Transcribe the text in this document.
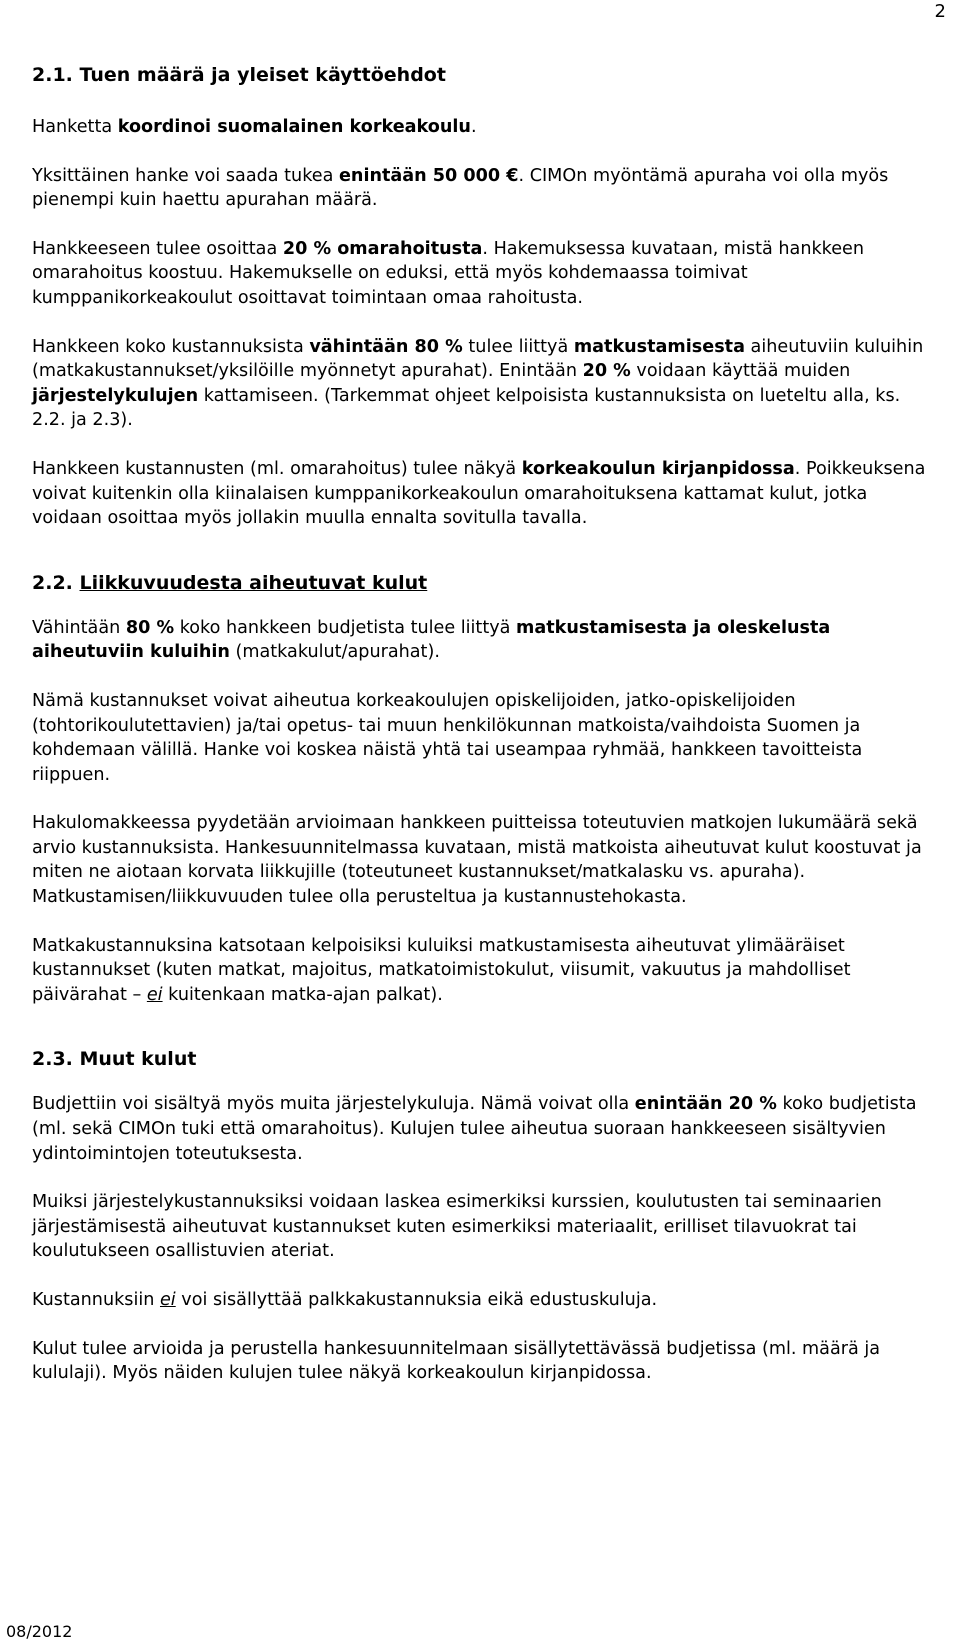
2
2.1. Tuen määrä ja yleiset käyttöehdot

Hanketta koordinoi suomalainen korkeakoulu.

Yksittäinen hanke voi saada tukea enintään 50 000 €. CIMOn myöntämä apuraha voi olla myös pienempi kuin haettu apurahan määrä.

Hankkeeseen tulee osoittaa 20 % omarahoitusta. Hakemuksessa kuvataan, mistä hankkeen omarahoitus koostuu. Hakemukselle on eduksi, että myös kohdemaassa toimivat kumppanikorkeakoulut osoittavat toimintaan omaa rahoitusta.

Hankkeen koko kustannuksista vähintään 80 % tulee liittyä matkustamisesta aiheutuviin kuluihin (matkakustannukset/yksilöille myönnetyt apurahat). Enintään 20 % voidaan käyttää muiden järjestelykulujen kattamiseen. (Tarkemmat ohjeet kelpoisista kustannuksista on lueteltu alla, ks. 2.2. ja 2.3).

Hankkeen kustannusten (ml. omarahoitus) tulee näkyä korkeakoulun kirjanpidossa. Poikkeuksena voivat kuitenkin olla kiinalaisen kumppanikorkeakoulun omarahoituksena kattamat kulut, jotka voidaan osoittaa myös jollakin muulla ennalta sovitulla tavalla.

2.2. Liikkuvuudesta aiheutuvat kulut

Vähintään 80 % koko hankkeen budjetista tulee liittyä matkustamisesta ja oleskelusta aiheutuviin kuluihin (matkakulut/apurahat).

Nämä kustannukset voivat aiheutua korkeakoulujen opiskelijoiden, jatko-opiskelijoiden (tohtorikoulutettavien) ja/tai opetus- tai muun henkilökunnan matkoista/vaihdoista Suomen ja kohdemaan välillä. Hanke voi koskea näistä yhtä tai useampaa ryhmää, hankkeen tavoitteista riippuen.

Hakulomakkeessa pyydetään arvioimaan hankkeen puitteissa toteutuvien matkojen lukumäärä sekä arvio kustannuksista. Hankesuunnitelmassa kuvataan, mistä matkoista aiheutuvat kulut koostuvat ja miten ne aiotaan korvata liikkujille (toteutuneet kustannukset/matkalasku vs. apuraha). Matkustamisen/liikkuvuuden tulee olla perusteltua ja kustannustehokasta.

Matkakustannuksina katsotaan kelpoisiksi kuluiksi matkustamisesta aiheutuvat ylimääräiset kustannukset (kuten matkat, majoitus, matkatoimistokulut, viisumit, vakuutus ja mahdolliset päivärahat – ei kuitenkaan matka-ajan palkat).

2.3. Muut kulut

Budjettiin voi sisältyä myös muita järjestelykuluja. Nämä voivat olla enintään 20 % koko budjetista (ml. sekä CIMOn tuki että omarahoitus). Kulujen tulee aiheutua suoraan hankkeeseen sisältyvien ydintoimintojen toteutuksesta.

Muiksi järjestelykustannuksiksi voidaan laskea esimerkiksi kurssien, koulutusten tai seminaarien järjestämisestä aiheutuvat kustannukset kuten esimerkiksi materiaalit, erilliset tilavuokrat tai koulutukseen osallistuvien ateriat.

Kustannuksiin ei voi sisällyttää palkkakustannuksia eikä edustuskuluja.

Kulut tulee arvioida ja perustella hankesuunnitelmaan sisällytettävässä budjetissa (ml. määrä ja kululaji). Myös näiden kulujen tulee näkyä korkeakoulun kirjanpidossa.

08/2012
